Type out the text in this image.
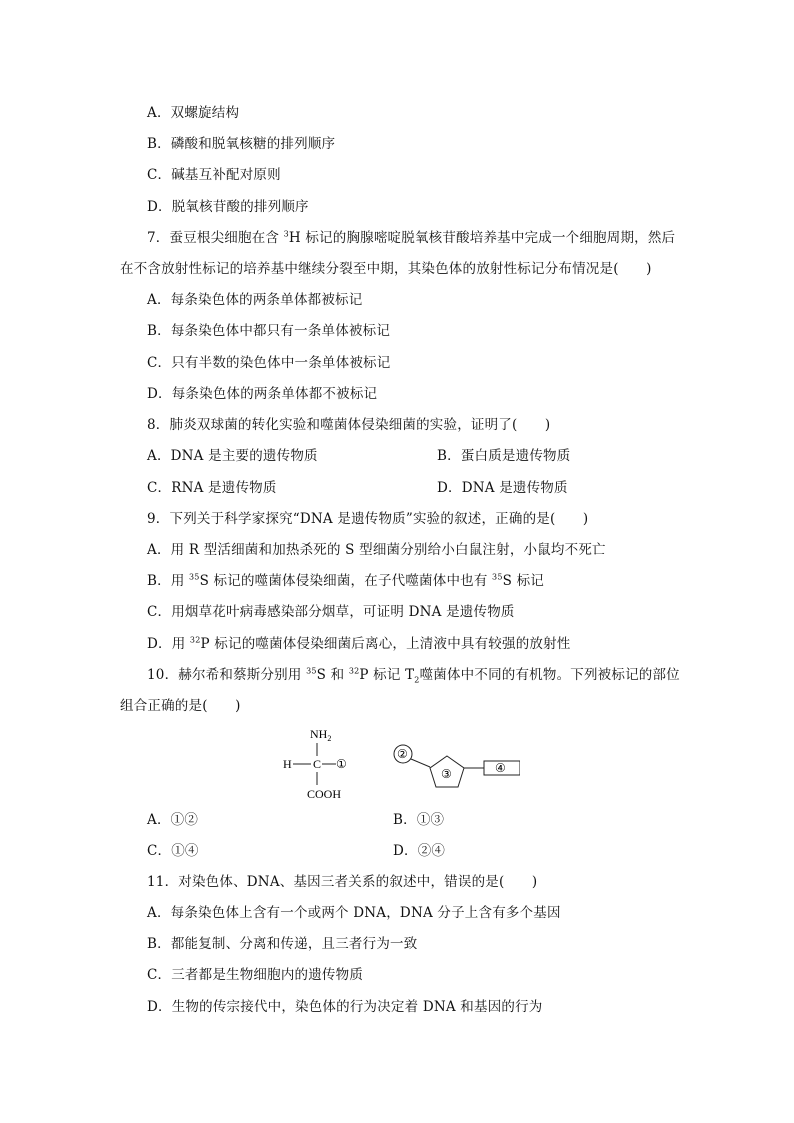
A．双螺旋结构
B．磷酸和脱氧核糖的排列顺序
C．碱基互补配对原则
D．脱氧核苷酸的排列顺序
7．蚕豆根尖细胞在含 $^3$H 标记的胸腺嘧啶脱氧核苷酸培养基中完成一个细胞周期，然后
在不含放射性标记的培养基中继续分裂至中期，其染色体的放射性标记分布情况是(　　)
A．每条染色体的两条单体都被标记
B．每条染色体中都只有一条单体被标记
C．只有半数的染色体中一条单体被标记
D．每条染色体的两条单体都不被标记
8．肺炎双球菌的转化实验和噬菌体侵染细菌的实验，证明了(　　)
A．DNA 是主要的遗传物质	B．蛋白质是遗传物质
C．RNA 是遗传物质	D．DNA 是遗传物质
9．下列关于科学家探究“DNA 是遗传物质”实验的叙述，正确的是(　　)
A．用 R 型活细菌和加热杀死的 S 型细菌分别给小白鼠注射，小鼠均不死亡
B．用 $^{35}$S 标记的噬菌体侵染细菌，在子代噬菌体中也有 $^{35}$S 标记
C．用烟草花叶病毒感染部分烟草，可证明 DNA 是遗传物质
D．用 $^{32}$P 标记的噬菌体侵染细菌后离心，上清液中具有较强的放射性
10．赫尔希和蔡斯分别用 $^{35}$S 和 $^{32}$P 标记 $T_2$噬菌体中不同的有机物。下列被标记的部位
组合正确的是(　　)
$NH_2$
H C ①
COOH
②
③	④
A．①②	B．①③
C．①④	D．②④
11．对染色体、DNA、基因三者关系的叙述中，错误的是(　　)
A．每条染色体上含有一个或两个 DNA，DNA 分子上含有多个基因
B．都能复制、分离和传递，且三者行为一致
C．三者都是生物细胞内的遗传物质
D．生物的传宗接代中，染色体的行为决定着 DNA 和基因的行为
